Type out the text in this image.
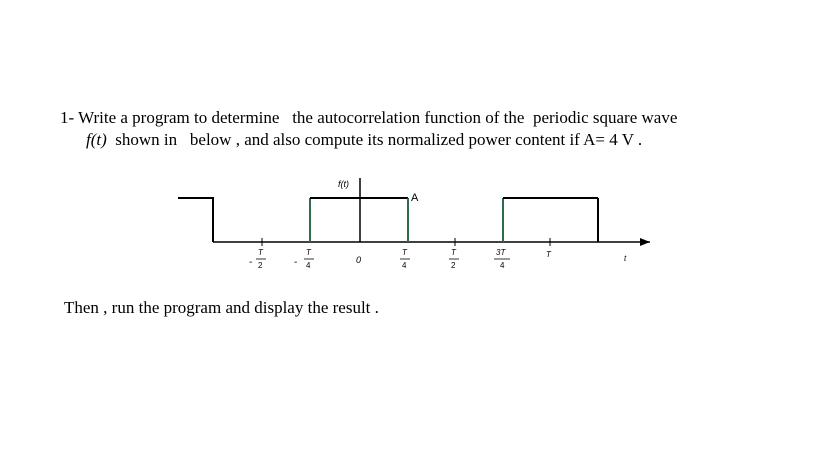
1- Write a program to determine   the autocorrelation function of the  periodic square wave
f(t)  shown in   below , and also compute its normalized power content if A= 4 V .
f(t)
A
-
T
2	-
T
4
0
T
4
T
2
3T
4
T	t
Then , run the program and display the result .
